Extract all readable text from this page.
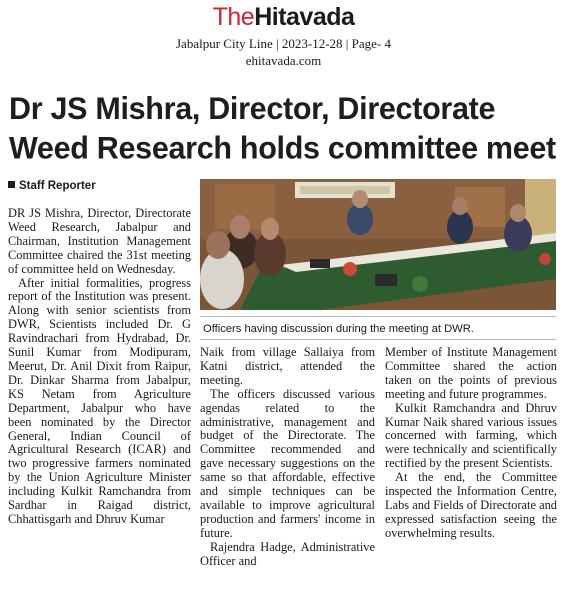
TheHitavada
Jabalpur City Line | 2023-12-28 | Page- 4
ehitavada.com
Dr JS Mishra, Director, Directorate Weed Research holds committee meet
Staff Reporter

DR JS Mishra, Director, Directorate Weed Research, Jabalpur and Chairman, Institution Management Committee chaired the 31st meeting of committee held on Wednesday.

After initial formalities, progress report of the Institution was present. Along with senior scientists from DWR, Scientists included Dr. G Ravindrachari from Hydrabad, Dr. Sunil Kumar from Modipuram, Meerut, Dr. Anil Dixit from Raipur, Dr. Dinkar Sharma from Jabalpur, KS Netam from Agriculture Department, Jabalpur who have been nominated by the Director General, Indian Council of Agricultural Research (ICAR) and two progressive farmers nominated by the Union Agriculture Minister including Kulkit Ramchandra from Sardhar in Raigad district, Chhattisgarh and Dhruv Kumar

Officers having discussion during the meeting at DWR.

Naik from village Sallaiya from Katni district, attended the meeting.

The officers discussed various agendas related to the administrative, management and budget of the Directorate. The Committee recommended and gave necessary suggestions on the same so that affordable, effective and simple techniques can be available to improve agricultural production and farmers' income in future.

Rajendra Hadge, Administrative Officer and

Member of Institute Management Committee shared the action taken on the points of previous meeting and future programmes.

Kulkit Ramchandra and Dhruv Kumar Naik shared various issues concerned with farming, which were technically and scientifically rectified by the present Scientists.

At the end, the Committee inspected the Information Centre, Labs and Fields of Directorate and expressed satisfaction seeing the overwhelming results.
